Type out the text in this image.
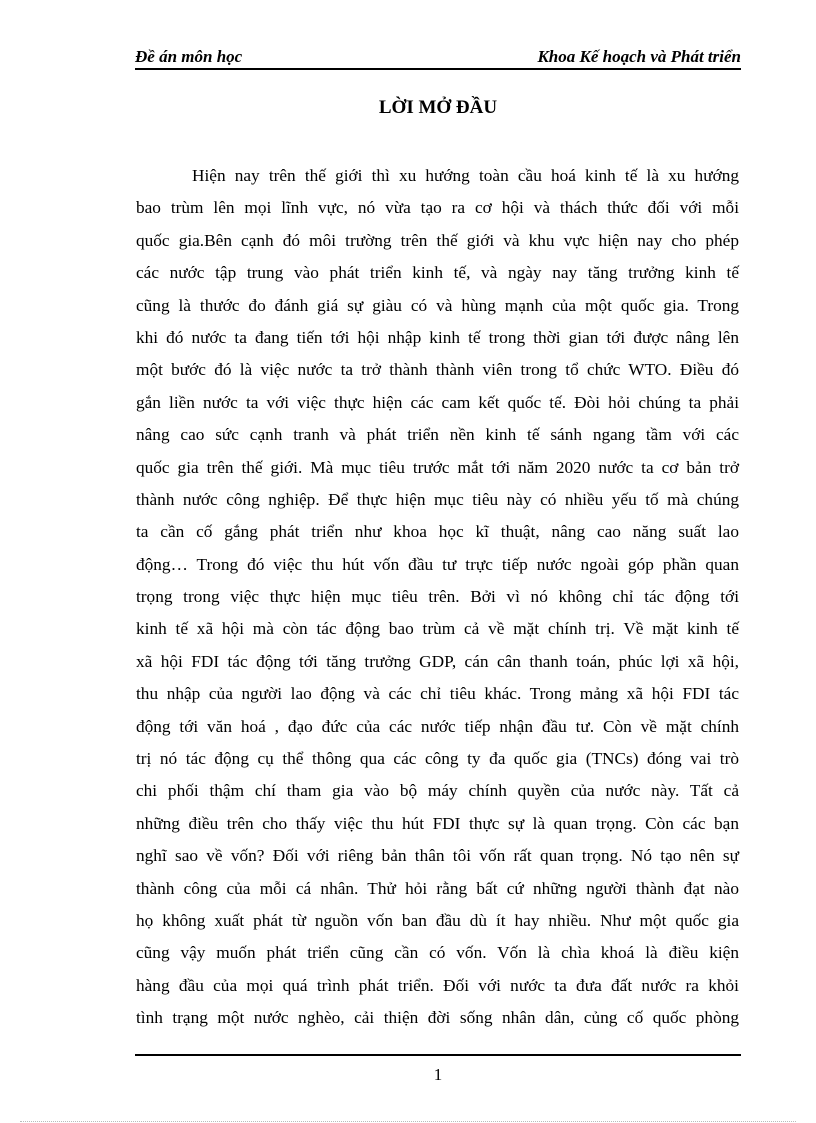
Đề án môn học	Khoa Kế hoạch và Phát triển
LỜI MỞ ĐẦU
Hiện nay trên thế giới thì xu hướng toàn cầu hoá kinh tế là xu hướng
bao trùm lên mọi lĩnh vực, nó vừa tạo ra cơ hội và thách thức đối với mỗi
quốc gia.Bên cạnh đó môi trường trên thế giới và khu vực hiện nay cho phép
các nước tập trung vào phát triển kinh tế, và ngày nay tăng trưởng kinh tế
cũng là thước đo đánh giá sự giàu có và hùng mạnh của một quốc gia. Trong
khi đó nước ta đang tiến tới hội nhập kinh tế trong thời gian tới được nâng lên
một bước đó là việc nước ta trở thành thành viên trong tổ chức WTO. Điều đó
gắn liền nước ta với việc thực hiện các cam kết quốc tế. Đòi hỏi chúng ta phải
nâng cao sức cạnh tranh và phát triển nền kinh tế sánh ngang tầm với các
quốc gia trên thế giới. Mà mục tiêu trước mắt tới năm 2020 nước ta cơ bản trở
thành nước công nghiệp. Để thực hiện mục tiêu này có nhiều yếu tố mà chúng
ta cần cố gắng phát triển như khoa học kĩ thuật, nâng cao năng suất lao
động… Trong đó việc thu hút vốn đầu tư trực tiếp nước ngoài góp phần quan
trọng trong việc thực hiện mục tiêu trên. Bởi vì nó không chỉ tác động tới
kinh tế xã hội mà còn tác động bao trùm cả về mặt chính trị. Về mặt kinh tế
xã hội FDI tác động tới tăng trưởng GDP, cán cân thanh toán, phúc lợi xã hội,
thu nhập của người lao động và các chỉ tiêu khác. Trong mảng xã hội FDI tác
động tới văn hoá , đạo đức của các nước tiếp nhận đầu tư. Còn về mặt chính
trị nó tác động cụ thể thông qua các công ty đa quốc gia (TNCs) đóng vai trò
chi phối thậm chí tham gia vào bộ máy chính quyền của nước này. Tất cả
những điều trên cho thấy việc thu hút FDI thực sự là quan trọng. Còn các bạn
nghĩ sao về vốn? Đối với riêng bản thân tôi vốn rất quan trọng. Nó tạo nên sự
thành công của mỗi cá nhân. Thử hỏi rằng bất cứ những người thành đạt nào
họ không xuất phát từ nguồn vốn ban đầu dù ít hay nhiều. Như một quốc gia
cũng vậy muốn phát triển cũng cần có vốn. Vốn là chìa khoá là điều kiện
hàng đầu của mọi quá trình phát triển. Đối với nước ta đưa đất nước ra khỏi
tình trạng một nước nghèo, cải thiện đời sống nhân dân, củng cố quốc phòng
1
